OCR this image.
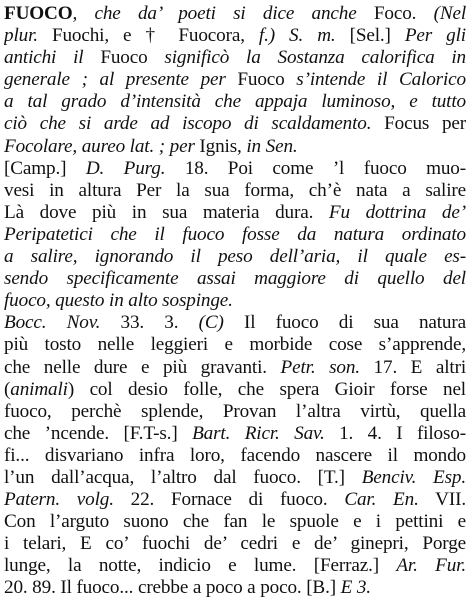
FUOCO, che da’ poeti si dice anche Foco. (Nel
plur. Fuochi, e † Fuocora, f.) S. m. [Sel.] Per gli
antichi il Fuoco significò la Sostanza calorifica in
generale ; al presente per Fuoco s’intende il Calorico
a tal grado d’intensità che appaja luminoso, e tutto
ciò che si arde ad iscopo di scaldamento. Focus per
Focolare, aureo lat. ; per Ignis, in Sen.
[Camp.] D. Purg. 18. Poi come ’l fuoco muo-
vesi in altura Per la sua forma, ch’è nata a salire
Là dove più in sua materia dura. Fu dottrina de’
Peripatetici che il fuoco fosse da natura ordinato
a salire, ignorando il peso dell’aria, il quale es-
sendo specificamente assai maggiore di quello del
fuoco, questo in alto sospinge.
Bocc. Nov. 33. 3. (C) Il fuoco di sua natura
più tosto nelle leggieri e morbide cose s’apprende,
che nelle dure e più gravanti. Petr. son. 17. E altri
(animali) col desio folle, che spera Gioir forse nel
fuoco, perchè splende, Provan l’altra virtù, quella
che ’ncende. [F.T-s.] Bart. Ricr. Sav. 1. 4. I filoso-
fi... disvariano infra loro, facendo nascere il mondo
l’un dall’acqua, l’altro dal fuoco. [T.] Benciv. Esp.
Patern. volg. 22. Fornace di fuoco. Car. En. VII.
Con l’arguto suono che fan le spuole e i pettini e
i telari, E co’ fuochi de’ cedri e de’ ginepri, Porge
lunge, la notte, indicio e lume. [Ferraz.] Ar. Fur.
20. 89. Il fuoco... crebbe a poco a poco. [B.] E 3.
